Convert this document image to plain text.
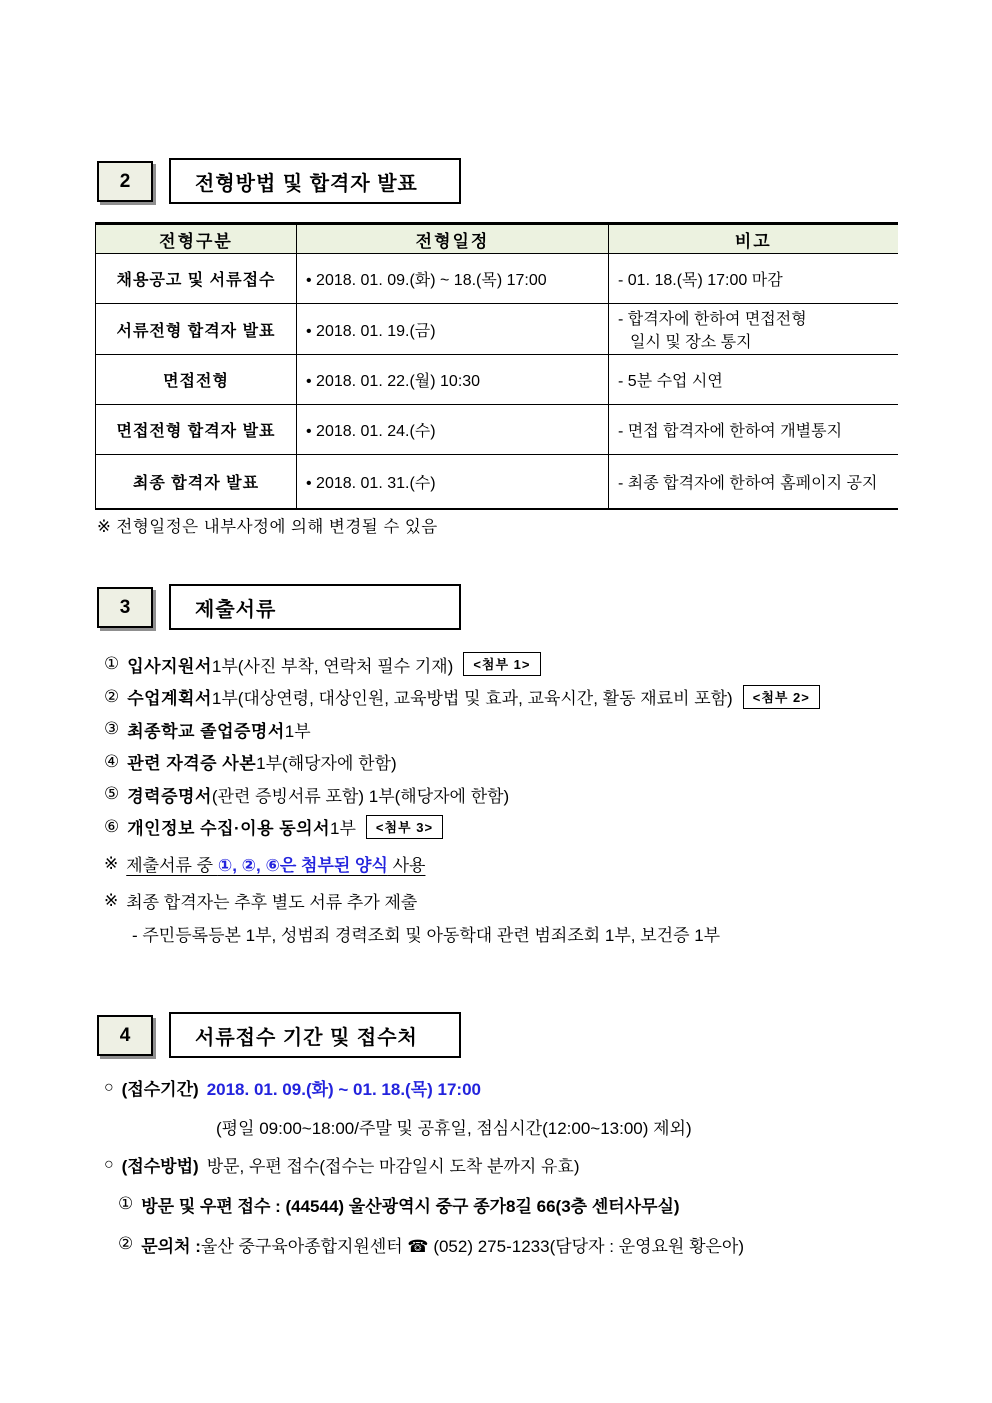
2	전형방법 및 합격자 발표
전형구분	전형일정	비고
채용공고 및 서류접수	• 2018. 01. 09.(화) ~ 18.(목) 17:00	- 01. 18.(목) 17:00 마감
서류전형 합격자 발표	• 2018. 01. 19.(금)	- 합격자에 한하여 면접전형
일시 및 장소 통지

면접전형	• 2018. 01. 22.(월) 10:30	- 5분 수업 시연
면접전형 합격자 발표	• 2018. 01. 24.(수)	- 면접 합격자에 한하여 개별통지
최종 합격자 발표	• 2018. 01. 31.(수)	- 최종 합격자에 한하여 홈페이지 공지
※ 전형일정은 내부사정에 의해 변경될 수 있음
3	제출서류
① 입사지원서 1부(사진 부착, 연락처 필수 기재)	<첨부 1>
② 수업계획서 1부(대상연령, 대상인원, 교육방법 및 효과, 교육시간, 활동 재료비 포함)	<첨부 2>
③ 최종학교 졸업증명서 1부
④ 관련 자격증 사본 1부(해당자에 한함)
⑤ 경력증명서 (관련 증빙서류 포함) 1부(해당자에 한함)
⑥ 개인정보 수집·이용 동의서 1부	<첨부 3>
※ 제출서류 중 ①, ②, ⑥은 첨부된 양식 사용
※ 최종 합격자는 추후 별도 서류 추가 제출
- 주민등록등본 1부, 성범죄 경력조회 및 아동학대 관련 범죄조회 1부, 보건증 1부
4	서류접수 기간 및 접수처
○ (접수기간) 2018. 01. 09.(화) ~ 01. 18.(목) 17:00
(평일 09:00~18:00/주말 및 공휴일, 점심시간(12:00~13:00) 제외)
○ (접수방법) 방문, 우편 접수(접수는 마감일시 도착 분까지 유효)
① 방문 및 우편 접수 : (44544) 울산광역시 중구 종가8길 66(3층 센터사무실)
② 문의처 : 울산 중구육아종합지원센터 ☎ (052) 275-1233(담당자 : 운영요원 황은아)
